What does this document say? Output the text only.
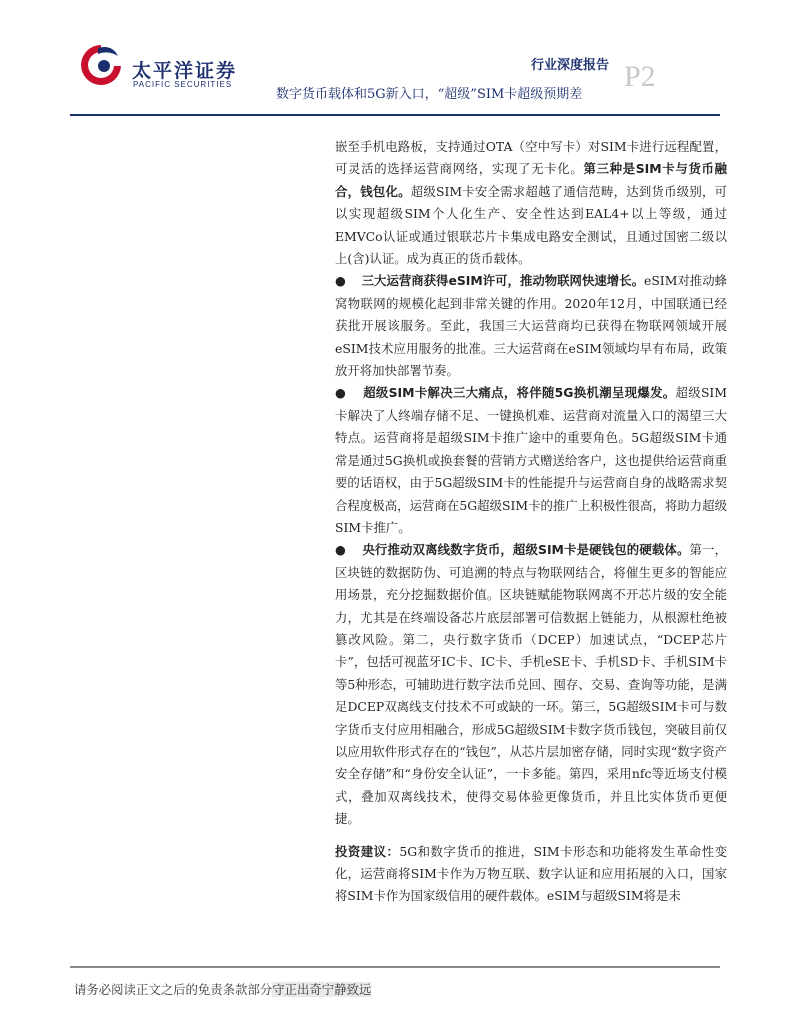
太平洋证券
PACIFIC SECURITIES
行业深度报告 P2
数字货币载体和5G新入口，“超级”SIM卡超级预期差

嵌至手机电路板，支持通过OTA（空中写卡）对SIM卡进行远程配置，可灵活的选择运营商网络，实现了无卡化。第三种是SIM卡与货币融合，钱包化。超级SIM卡安全需求超越了通信范畴，达到货币级别，可以实现超级SIM个人化生产、安全性达到EAL4+以上等级，通过EMVCo认证或通过银联芯片卡集成电路安全测试，且通过国密二级以上(含)认证。成为真正的货币载体。

● 三大运营商获得eSIM许可，推动物联网快速增长。eSIM对推动蜂窝物联网的规模化起到非常关键的作用。2020年12月，中国联通已经获批开展该服务。至此，我国三大运营商均已获得在物联网领域开展eSIM技术应用服务的批准。三大运营商在eSIM领域均早有布局，政策放开将加快部署节奏。

● 超级SIM卡解决三大痛点，将伴随5G换机潮呈现爆发。超级SIM卡解决了人终端存储不足、一键换机难、运营商对流量入口的渴望三大特点。运营商将是超级SIM卡推广途中的重要角色。5G超级SIM卡通常是通过5G换机或换套餐的营销方式赠送给客户，这也提供给运营商重要的话语权，由于5G超级SIM卡的性能提升与运营商自身的战略需求契合程度极高，运营商在5G超级SIM卡的推广上积极性很高，将助力超级SIM卡推广。

● 央行推动双离线数字货币，超级SIM卡是硬钱包的硬载体。第一，区块链的数据防伪、可追溯的特点与物联网结合，将催生更多的智能应用场景，充分挖掘数据价值。区块链赋能物联网离不开芯片级的安全能力，尤其是在终端设备芯片底层部署可信数据上链能力，从根源杜绝被篡改风险。第二，央行数字货币（DCEP）加速试点，“DCEP芯片卡”，包括可视蓝牙IC卡、IC卡、手机eSE卡、手机SD卡、手机SIM卡等5种形态，可辅助进行数字法币兑回、囤存、交易、查询等功能，是满足DCEP双离线支付技术不可或缺的一环。第三，5G超级SIM卡可与数字货币支付应用相融合，形成5G超级SIM卡数字货币钱包，突破目前仅以应用软件形式存在的“钱包”，从芯片层加密存储，同时实现“数字资产安全存储”和“身份安全认证”，一卡多能。第四，采用nfc等近场支付模式，叠加双离线技术，使得交易体验更像货币，并且比实体货币更便捷。

投资建议：5G和数字货币的推进，SIM卡形态和功能将发生革命性变化，运营商将SIM卡作为万物互联、数字认证和应用拓展的入口，国家将SIM卡作为国家级信用的硬件载体。eSIM与超级SIM将是未

请务必阅读正文之后的免责条款部分守正出奇宁静致远
